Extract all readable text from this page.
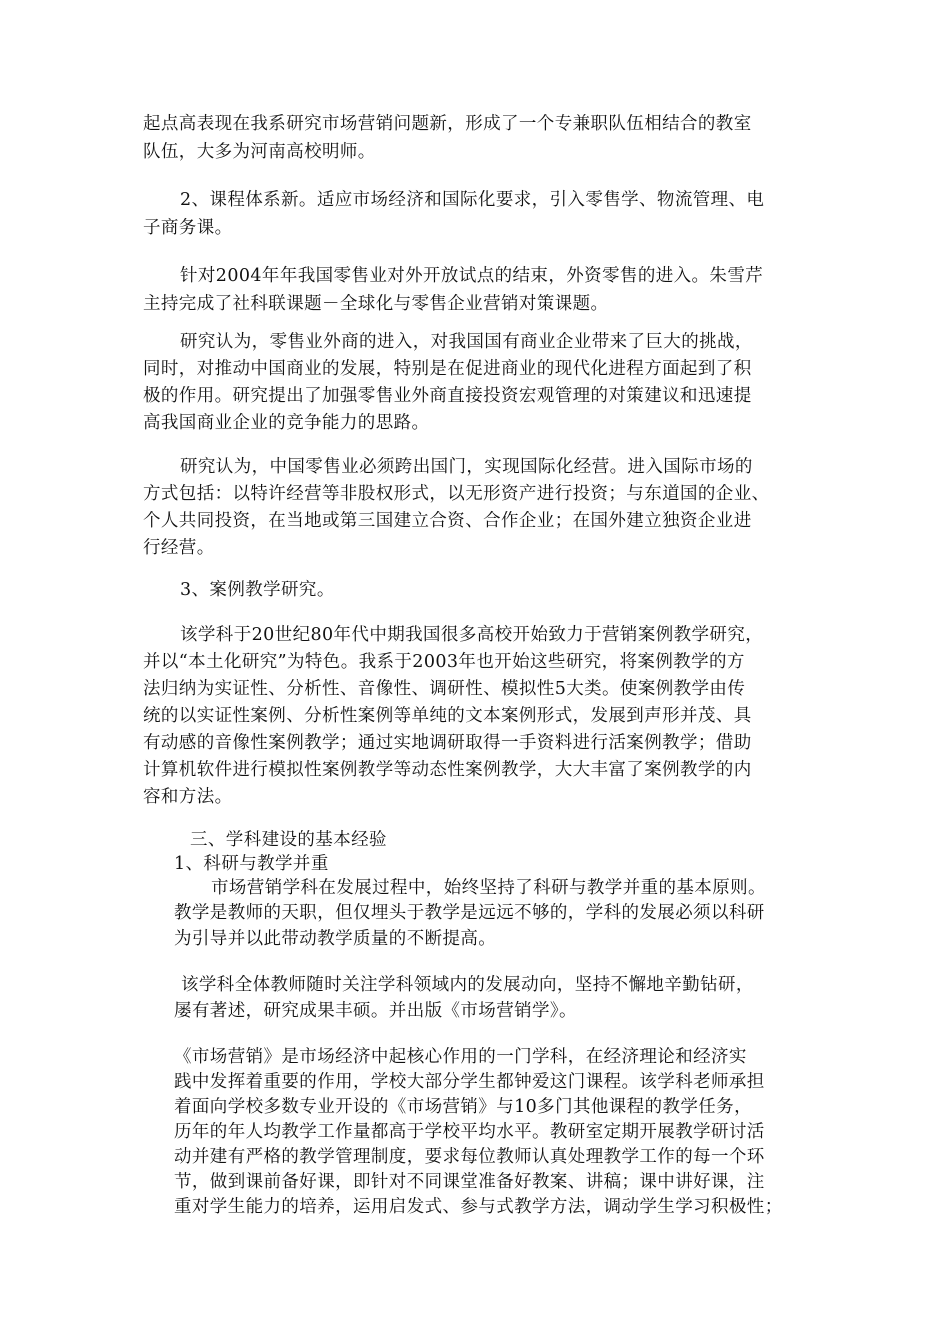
起点高表现在我系研究市场营销问题新，形成了一个专兼职队伍相结合的教室
队伍，大多为河南高校明师。
2、课程体系新。适应市场经济和国际化要求，引入零售学、物流管理、电
子商务课。
针对2004年年我国零售业对外开放试点的结束，外资零售的进入。朱雪芹
主持完成了社科联课题－全球化与零售企业营销对策课题。
研究认为，零售业外商的进入，对我国国有商业企业带来了巨大的挑战，
同时，对推动中国商业的发展，特别是在促进商业的现代化进程方面起到了积
极的作用。研究提出了加强零售业外商直接投资宏观管理的对策建议和迅速提
高我国商业企业的竞争能力的思路。
研究认为，中国零售业必须跨出国门，实现国际化经营。进入国际市场的
方式包括：以特许经营等非股权形式，以无形资产进行投资；与东道国的企业、
个人共同投资，在当地或第三国建立合资、合作企业；在国外建立独资企业进
行经营。
3、案例教学研究。
该学科于20世纪80年代中期我国很多高校开始致力于营销案例教学研究，
并以“本土化研究”为特色。我系于2003年也开始这些研究，将案例教学的方
法归纳为实证性、分析性、音像性、调研性、模拟性5大类。使案例教学由传
统的以实证性案例、分析性案例等单纯的文本案例形式，发展到声形并茂、具
有动感的音像性案例教学；通过实地调研取得一手资料进行活案例教学；借助
计算机软件进行模拟性案例教学等动态性案例教学，大大丰富了案例教学的内
容和方法。
三、学科建设的基本经验
1、科研与教学并重
市场营销学科在发展过程中，始终坚持了科研与教学并重的基本原则。
教学是教师的天职，但仅埋头于教学是远远不够的，学科的发展必须以科研
为引导并以此带动教学质量的不断提高。
该学科全体教师随时关注学科领域内的发展动向，坚持不懈地辛勤钻研，
屡有著述，研究成果丰硕。并出版《市场营销学》。
《市场营销》是市场经济中起核心作用的一门学科，在经济理论和经济实
践中发挥着重要的作用，学校大部分学生都钟爱这门课程。该学科老师承担
着面向学校多数专业开设的《市场营销》与10多门其他课程的教学任务，
历年的年人均教学工作量都高于学校平均水平。教研室定期开展教学研讨活
动并建有严格的教学管理制度，要求每位教师认真处理教学工作的每一个环
节，做到课前备好课，即针对不同课堂准备好教案、讲稿；课中讲好课，注
重对学生能力的培养，运用启发式、参与式教学方法，调动学生学习积极性；
